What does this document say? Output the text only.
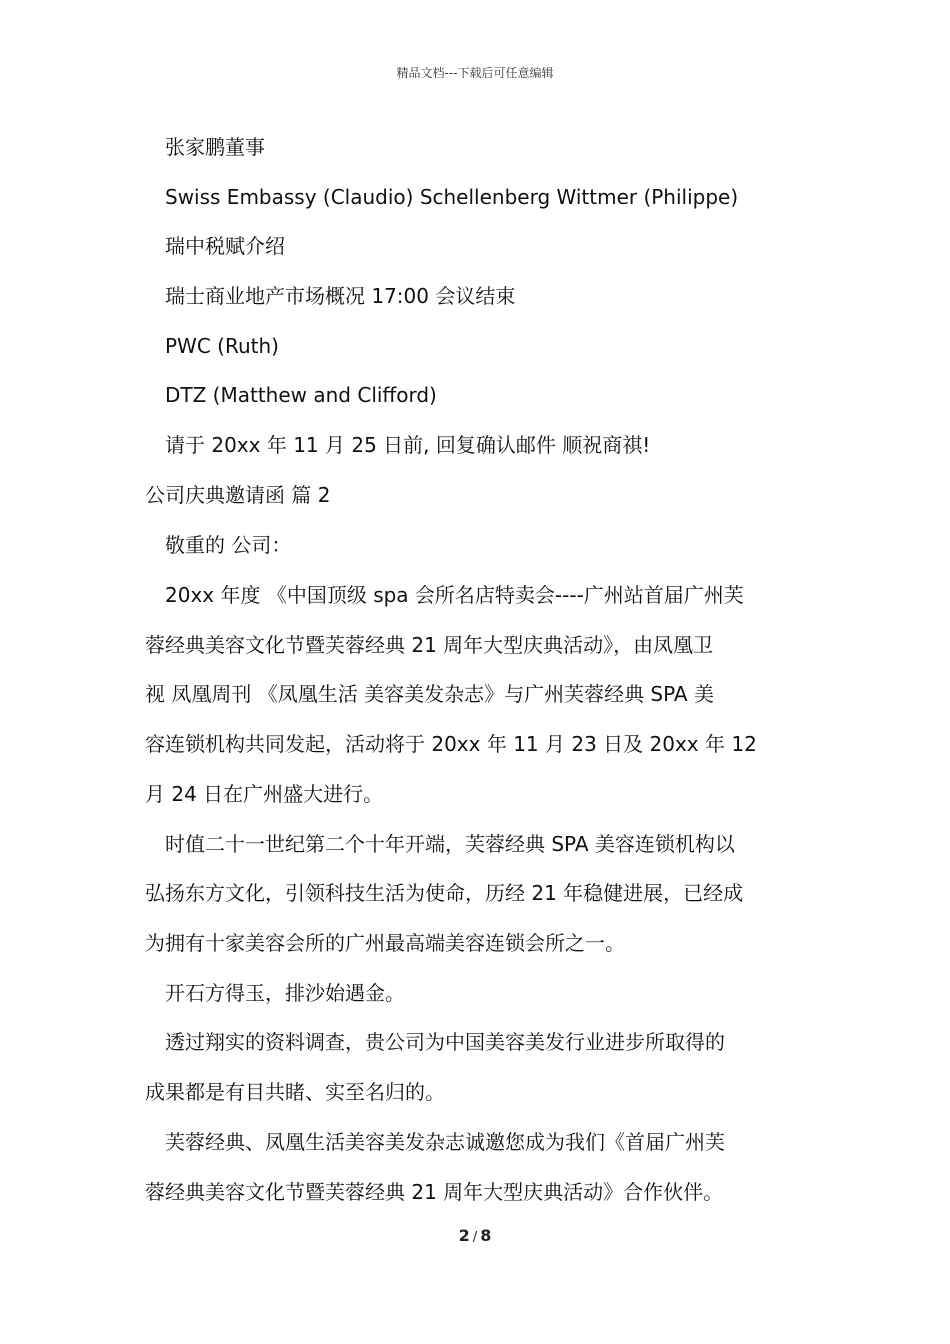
精品文档---下载后可任意编辑
张家鹏董事
Swiss Embassy (Claudio) Schellenberg Wittmer (Philippe)
瑞中税赋介绍
瑞士商业地产市场概况 17:00 会议结束
PWC (Ruth)
DTZ (Matthew and Clifford)
请于 20xx 年 11 月 25 日前, 回复确认邮件 顺祝商祺!
公司庆典邀请函 篇 2
敬重的 公司：
20xx 年度 《中国顶级 spa 会所名店特卖会----广州站首届广州芙
蓉经典美容文化节暨芙蓉经典 21 周年大型庆典活动》，由凤凰卫
视 凤凰周刊 《凤凰生活 美容美发杂志》与广州芙蓉经典 SPA 美
容连锁机构共同发起，活动将于 20xx 年 11 月 23 日及 20xx 年 12
月 24 日在广州盛大进行。
时值二十一世纪第二个十年开端，芙蓉经典 SPA 美容连锁机构以
弘扬东方文化，引领科技生活为使命，历经 21 年稳健进展，已经成
为拥有十家美容会所的广州最高端美容连锁会所之一。
开石方得玉，排沙始遇金。
透过翔实的资料调查，贵公司为中国美容美发行业进步所取得的
成果都是有目共睹、实至名归的。
芙蓉经典、凤凰生活美容美发杂志诚邀您成为我们《首届广州芙
蓉经典美容文化节暨芙蓉经典 21 周年大型庆典活动》合作伙伴。
2 / 8
